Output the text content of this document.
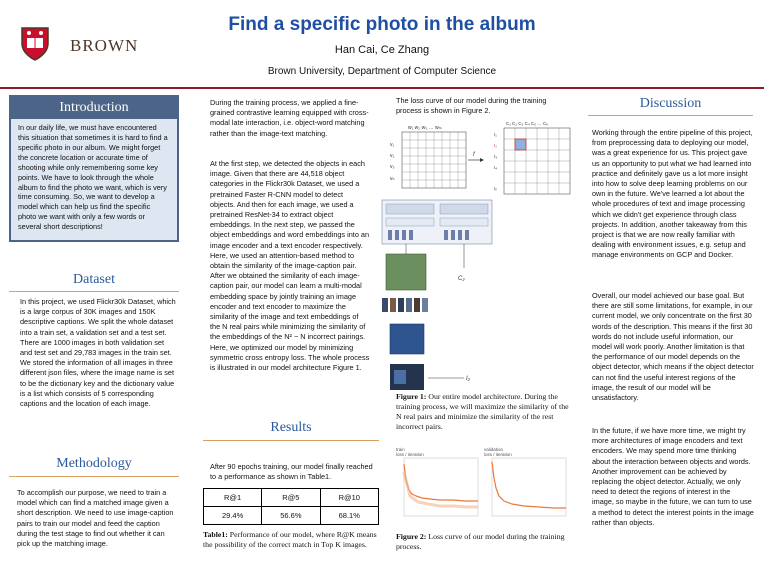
BROWN
Find a specific photo in the album
Han Cai, Ce Zhang
Brown University, Department of Computer Science
Introduction
In our daily life, we must have encountered this situation that sometimes it is hard to find a specific photo in our album. We might forget the concrete location or accurate time of shooting while only remembering some key points. We have to look through the whole album to find the photo we want, which is very time consuming. So, we want to develop a model which can help us find the specific photo we want with only a few words or several short descriptions!
Dataset
In this project, we used Flickr30k Dataset, which is a large corpus of 30K images and 150K descriptive captions. We split the whole dataset into a train set, a validation set and a test set. There are 1000 images in both validation set and test set and 29,783 images in the train set. We stored the information of all images in three different json files, where the image name is set to be the dictionary key and the dictionary value is a list which consists of 5 corresponding captions and the location of each image.
Methodology
To accomplish our purpose, we need to train a model which can find a matched image given a short description. We need to use image-caption pairs to train our model and feed the caption during the test stage to find out whether it can pick up the matching image.
During the training process, we applied a fine-grained contrastive learning equipped with cross-modal late interaction, i.e. object-word matching rather than the image-text matching.
At the first step, we detected the objects in each image. Given that there are 44,518 object categories in the Flickr30k Dataset, we used a pretrained Faster R-CNN model to detect objects. And then for each image, we used a pretrained ResNet-34 to extract object embeddings. In the next step, we passed the object embeddings and word embeddings into an image encoder and a text encoder respectively. Here, we used an attention-based method to obtain the similarity of the image-caption pair. After we obtained the similarity of each image-caption pair, our model can learn a multi-modal embedding space by jointly training an image encoder and text encoder to maximize the similarity of the image and text embeddings of the N real pairs while minimizing the similarity of the embeddings of the N² − N incorrect pairings. Here, we optimized our model by minimizing symmetric cross entropy loss. The whole process is illustrated in our model architecture Figure 1.
Results
After 90 epochs training, our model finally reached to a performance as shown in Table1.
R@1	R@5	R@10
29.4%	56.6%	68.1%
Table1: Performance of our model, where R@K means the possibility of the correct match in Top K images.
The loss curve of our model during the training process is shown in Figure 2.
w₁ w₂ w₃ … wₘ
v₁
v₂
v₃
vₙ
f
C₁ C₂ C₃ C₄ C₅ … Cₚ
I₁
I₂
I₃
I₄
Iₚ
C₂
I₂
Figure 1: Our entire model architecture. During the training process, we will maximize the similarity of the N real pairs and minimize the similarity of the rest incorrect pairs.
train
loss / iteration
validation
loss / iteration
Figure 2: Loss curve of our model during the training process.
Discussion
Working through the entire pipeline of this project, from preprocessing data to deploying our model, was a great experience for us. This project gave us an opportunity to put what we had learned into practice and definitely gave us a lot more insight into how to solve deep learning problems on our own in the future. We've learned a lot about the whole procedures of text and image processing which we didn't get experience through class projects. In addition, another takeaway from this project is that we are now really familiar with dealing with environment issues, e.g. setup and manage environments on GCP and Docker.
Overall, our model achieved our base goal. But there are still some limitations, for example, in our current model, we only concentrate on the first 30 words of the description. This means if the first 30 words do not include useful information, our model will work poorly. Another limitation is that the performance of our model depends on the object detector, which means if the object detector can not find the useful interest regions of the image, the result of our model will be unsatisfactory.
In the future, if we have more time, we might try more architectures of image encoders and text encoders. We may spend more time thinking about the interaction between objects and words. Another improvement can be achieved by replacing the object detector. Actually, we only need to detect the regions of interest in the image, so maybe in the future, we can turn to use a method to detect the interest points in the image rather than objects.
